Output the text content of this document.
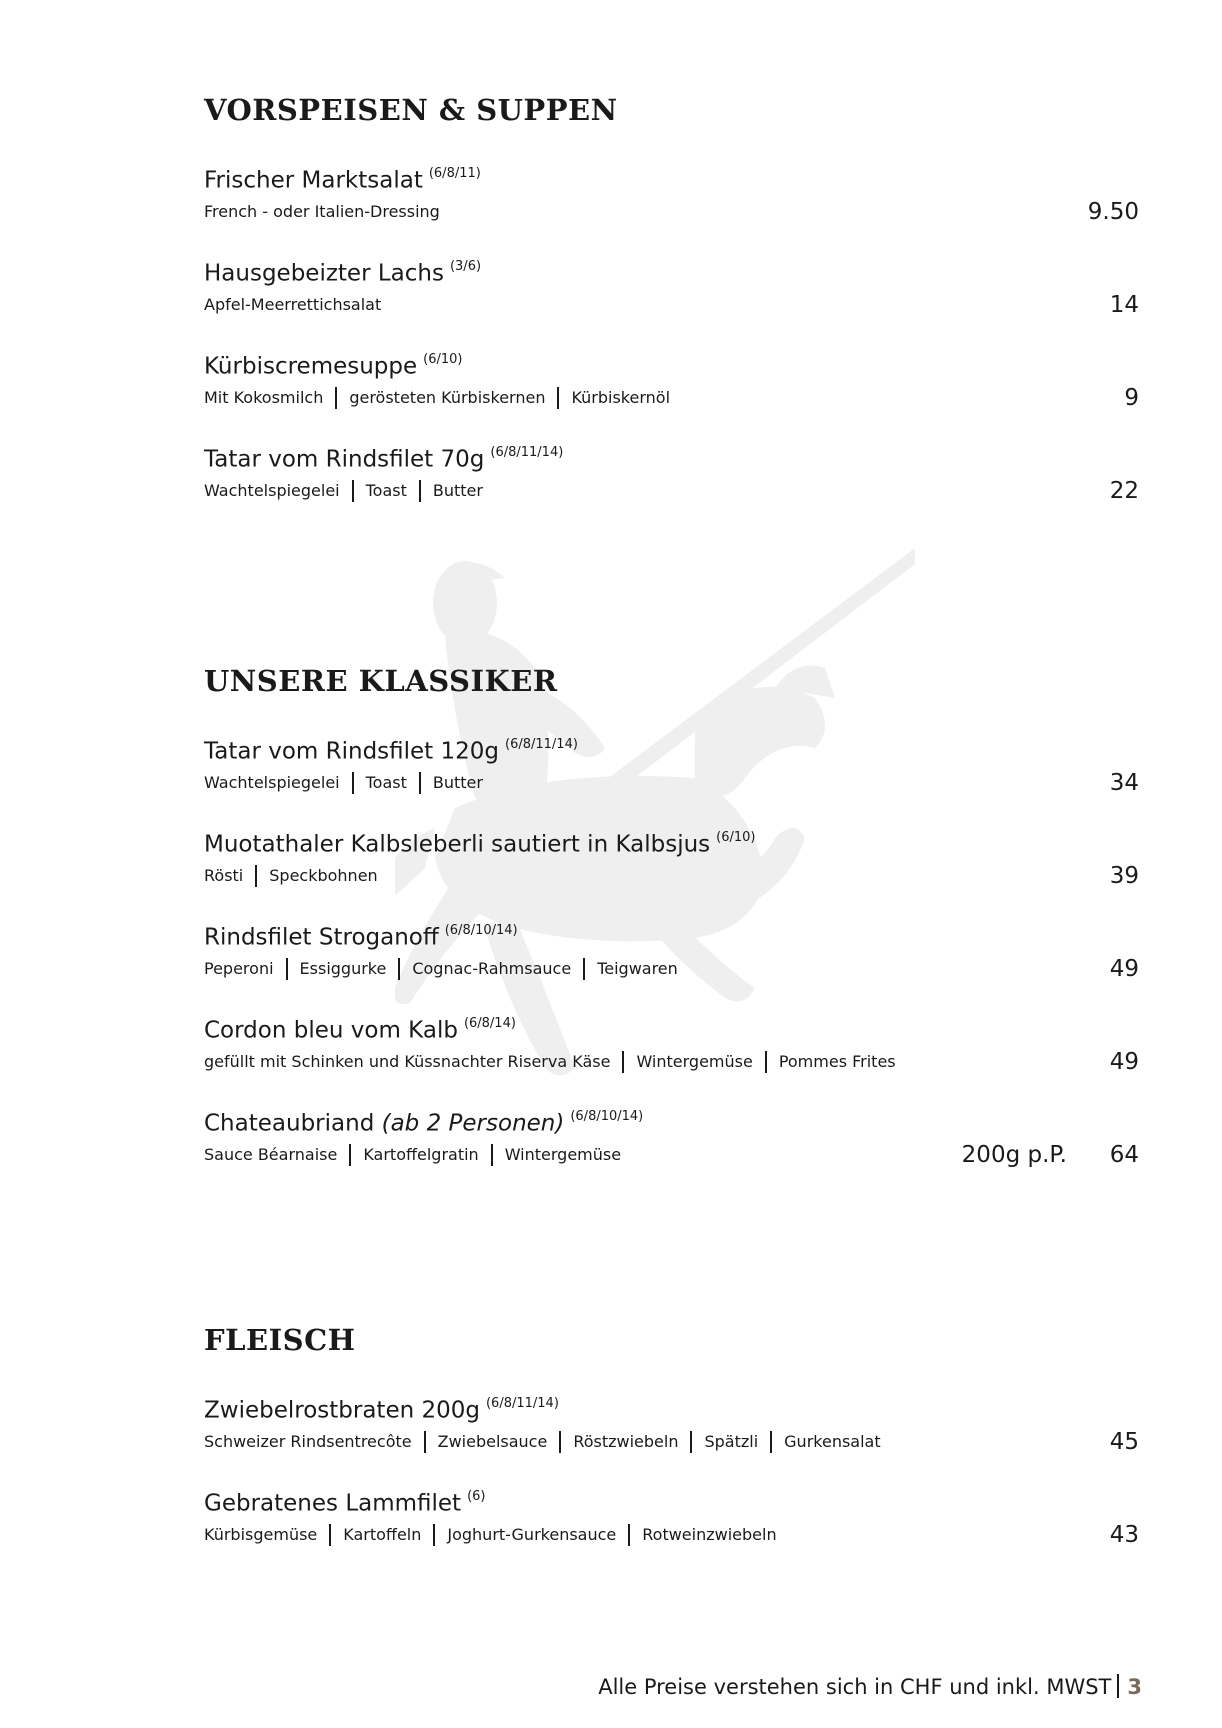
VORSPEISEN & SUPPEN
Frischer Marktsalat $^{(6/8/11)}$
French - oder Italien-Dressing	9.50
Hausgebeizter Lachs $^{(3/6)}$
Apfel-Meerrettichsalat	14
Kürbiscremesuppe $^{(6/10)}$
Mit Kokosmilch gerösteten Kürbiskernen Kürbiskernöl	9
Tatar vom Rindsfilet 70g $^{(6/8/11/14)}$
Wachtelspiegelei Toast Butter	22
UNSERE KLASSIKER
Tatar vom Rindsfilet 120g $^{(6/8/11/14)}$
Wachtelspiegelei Toast Butter	34
Muotathaler Kalbsleberli sautiert in Kalbsjus $^{(6/10)}$
Rösti Speckbohnen	39
Rindsfilet Stroganoff $^{(6/8/10/14)}$
Peperoni Essiggurke Cognac-Rahmsauce Teigwaren	49
Cordon bleu vom Kalb $^{(6/8/14)}$
gefüllt mit Schinken und Küssnachter Riserva Käse Wintergemüse Pommes Frites	49
Chateaubriand (ab 2 Personen) $^{(6/8/10/14)}$
Sauce Béarnaise Kartoffelgratin Wintergemüse	200g p.P. 64
FLEISCH
Zwiebelrostbraten 200g $^{(6/8/11/14)}$
Schweizer Rindsentrecôte Zwiebelsauce Röstzwiebeln Spätzli Gurkensalat	45
Gebratenes Lammfilet $^{(6)}$
Kürbisgemüse Kartoffeln Joghurt-Gurkensauce Rotweinzwiebeln	43
Alle Preise verstehen sich in CHF und inkl. MWST 3
